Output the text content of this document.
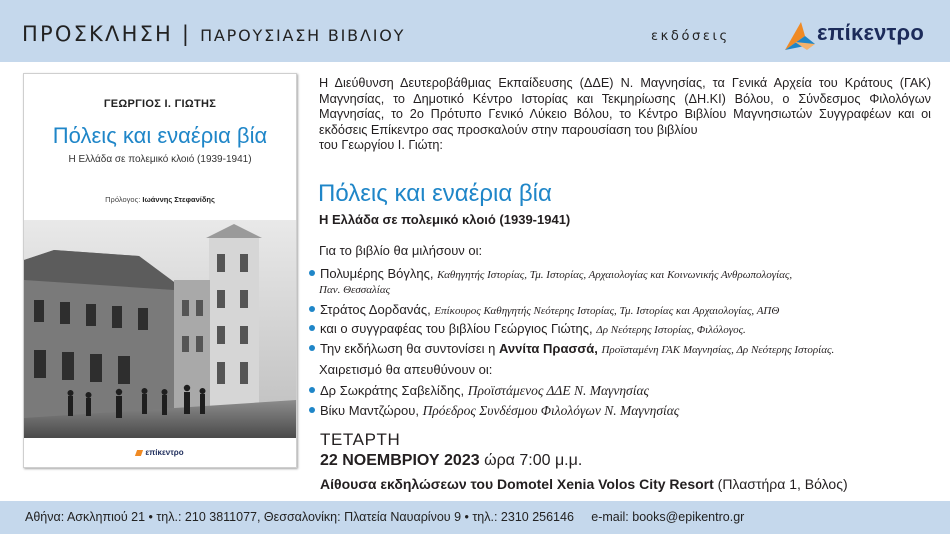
ΠΡΟΣΚΛΗΣΗ | ΠΑΡΟΥΣΙΑΣΗ ΒΙΒΛΙΟΥ	εκδόσεις	επίκεντρο
ΓΕΩΡΓΙΟΣ Ι. ΓΙΩΤΗΣ
Πόλεις και εναέρια βία
Η Ελλάδα σε πολεμικό κλοιό (1939-1941)
Πρόλογος: Ιωάννης Στεφανίδης
επίκεντρο
Η Διεύθυνση Δευτεροβάθμιας Εκπαίδευσης (ΔΔΕ) Ν. Μαγνησίας, τα Γενικά Αρχεία του Κράτους (ΓΑΚ) Μαγνησίας, το Δημοτικό Κέντρο Ιστορίας και Τεκμηρίωσης (ΔΗ.ΚΙ) Βόλου, ο Σύνδεσμος Φιλολόγων Μαγνησίας, το 2ο Πρότυπο Γενικό Λύκειο Βόλου, το Κέντρο Βιβλίου Μαγνησιωτών Συγγραφέων και οι εκδόσεις Επίκεντρο σας προσκαλούν στην παρουσίαση του βιβλίου
του Γεωργίου Ι. Γιώτη:
Πόλεις και εναέρια βία
Η Ελλάδα σε πολεμικό κλοιό (1939-1941)
Για το βιβλίο θα μιλήσουν οι:
Πολυμέρης Βόγλης, Καθηγητής Ιστορίας, Τμ. Ιστορίας, Αρχαιολογίας και Κοινωνικής Ανθρωπολογίας,
Παν. Θεσσαλίας
Στράτος Δορδανάς, Επίκουρος Καθηγητής Νεότερης Ιστορίας, Τμ. Ιστορίας και Αρχαιολογίας, ΑΠΘ
και ο συγγραφέας του βιβλίου Γεώργιος Γιώτης, Δρ Νεότερης Ιστορίας, Φιλόλογος.
Την εκδήλωση θα συντονίσει η Αννίτα Πρασσά, Προϊσταμένη ΓΑΚ Μαγνησίας, Δρ Νεότερης Ιστορίας.
Χαιρετισμό θα απευθύνουν οι:
Δρ Σωκράτης Σαβελίδης, Προϊστάμενος ΔΔΕ Ν. Μαγνησίας
Βίκυ Μαντζώρου, Πρόεδρος Συνδέσμου Φιλολόγων Ν. Μαγνησίας
ΤΕΤΑΡΤΗ
22 ΝΟΕΜΒΡΙΟΥ 2023 ώρα 7:00 μ.μ.
Αίθουσα εκδηλώσεων του Domotel Xenia Volos City Resort (Πλαστήρα 1, Βόλος)
Αθήνα: Ασκληπιού 21 • τηλ.: 210 3811077, Θεσσαλονίκη: Πλατεία Ναυαρίνου 9 • τηλ.: 2310 256146     e-mail: books@epikentro.gr
